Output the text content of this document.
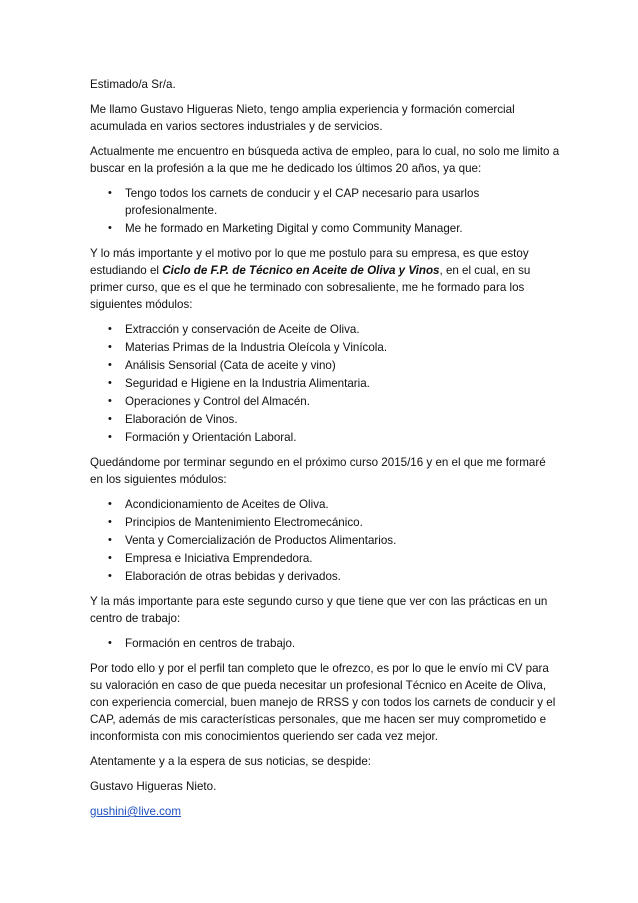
Estimado/a Sr/a.

Me llamo Gustavo Higueras Nieto, tengo amplia experiencia y formación comercial acumulada en varios sectores industriales y de servicios.

Actualmente me encuentro en búsqueda activa de empleo, para lo cual, no solo me limito a buscar en la profesión a la que me he dedicado los últimos 20 años, ya que:

• Tengo todos los carnets de conducir y el CAP necesario para usarlos profesionalmente.
• Me he formado en Marketing Digital y como Community Manager.

Y lo más importante y el motivo por lo que me postulo para su empresa, es que estoy estudiando el Ciclo de F.P. de Técnico en Aceite de Oliva y Vinos, en el cual, en su primer curso, que es el que he terminado con sobresaliente, me he formado para los siguientes módulos:

• Extracción y conservación de Aceite de Oliva.
• Materias Primas de la Industria Oleícola y Vinícola.
• Análisis Sensorial (Cata de aceite y vino)
• Seguridad e Higiene en la Industria Alimentaria.
• Operaciones y Control del Almacén.
• Elaboración de Vinos.
• Formación y Orientación Laboral.

Quedándome por terminar segundo en el próximo curso 2015/16 y en el que me formaré en los siguientes módulos:

• Acondicionamiento de Aceites de Oliva.
• Principios de Mantenimiento Electromecánico.
• Venta y Comercialización de Productos Alimentarios.
• Empresa e Iniciativa Emprendedora.
• Elaboración de otras bebidas y derivados.

Y la más importante para este segundo curso y que tiene que ver con las prácticas en un centro de trabajo:

• Formación en centros de trabajo.

Por todo ello y por el perfil tan completo que le ofrezco, es por lo que le envío mi CV para su valoración en caso de que pueda necesitar un profesional Técnico en Aceite de Oliva, con experiencia comercial, buen manejo de RRSS y con todos los carnets de conducir y el CAP, además de mis características personales, que me hacen ser muy comprometido e inconformista con mis conocimientos queriendo ser cada vez mejor.

Atentamente y a la espera de sus noticias, se despide:

Gustavo Higueras Nieto.

gushini@live.com
